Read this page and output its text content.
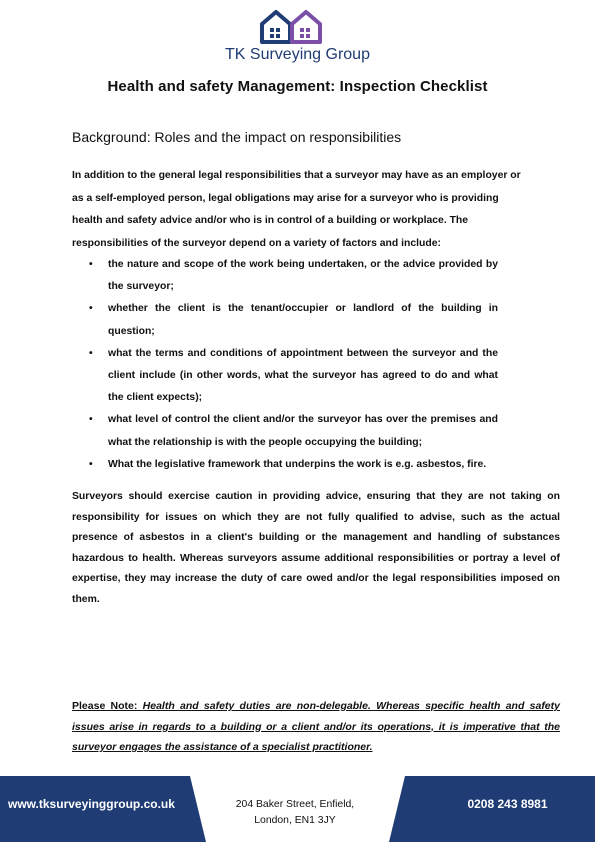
TK Surveying Group
Health and safety Management: Inspection Checklist
Background: Roles and the impact on responsibilities

In addition to the general legal responsibilities that a surveyor may have as an employer or as a self-employed person, legal obligations may arise for a surveyor who is providing health and safety advice and/or who is in control of a building or workplace. The responsibilities of the surveyor depend on a variety of factors and include:

• the nature and scope of the work being undertaken, or the advice provided by the surveyor;
• whether the client is the tenant/occupier or landlord of the building in question;
• what the terms and conditions of appointment between the surveyor and the client include (in other words, what the surveyor has agreed to do and what the client expects);
• what level of control the client and/or the surveyor has over the premises and what the relationship is with the people occupying the building;
• What the legislative framework that underpins the work is e.g. asbestos, fire.

Surveyors should exercise caution in providing advice, ensuring that they are not taking on responsibility for issues on which they are not fully qualified to advise, such as the actual presence of asbestos in a client's building or the management and handling of substances hazardous to health. Whereas surveyors assume additional responsibilities or portray a level of expertise, they may increase the duty of care owed and/or the legal responsibilities imposed on them.

Please Note: Health and safety duties are non-delegable. Whereas specific health and safety issues arise in regards to a building or a client and/or its operations, it is imperative that the surveyor engages the assistance of a specialist practitioner.

www.tksurveyinggroup.co.uk	204 Baker Street, Enfield,
London, EN1 3JY
0208 243 8981
